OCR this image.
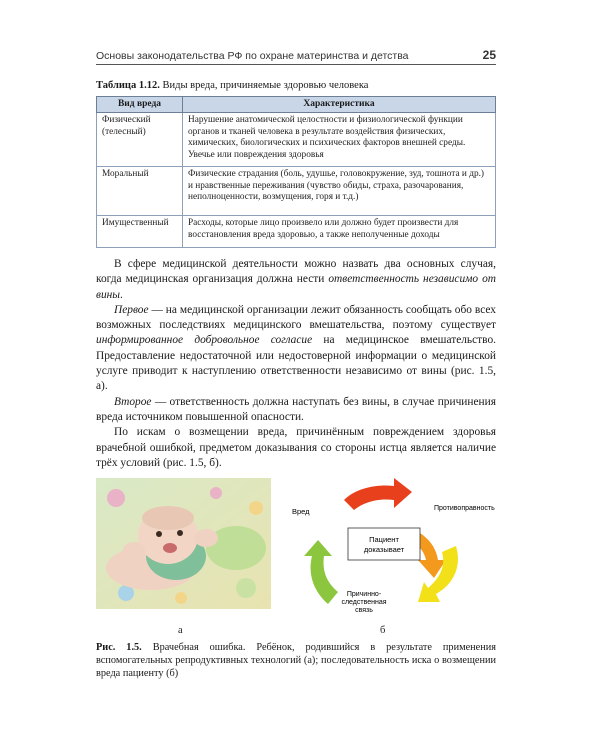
Основы законодательства РФ по охране материнства и детства	25
Таблица 1.12. Виды вреда, причиняемые здоровью человека
Вид вреда	Характеристика
Физический (телесный)	Нарушение анатомической целостности и физиологической функции органов и тканей человека в результате воздействия физических, химических, биологических и психических факторов внешней среды. Увечье или повреждения здоровья
Моральный	Физические страдания (боль, удушье, головокружение, зуд, тошнота и др.) и нравственные переживания (чувство обиды, страха, разочарования, неполноценности, возмущения, горя и т.д.)
Имущественный	Расходы, которые лицо произвело или должно будет произвести для восстановления вреда здоровью, а также неполученные доходы

В сфере медицинской деятельности можно назвать два основных случая, когда медицинская организация должна нести ответственность независимо от вины.

Первое — на медицинской организации лежит обязанность сообщать обо всех возможных последствиях медицинского вмешательства, поэтому существует информированное добровольное согласие на медицинское вмешательство. Предоставление недостаточной или недостоверной информации о медицинской услуге приводит к наступлению ответственности независимо от вины (рис. 1.5, а).

Второе — ответственность должна наступать без вины, в случае причинения вреда источником повышенной опасности.

По искам о возмещении вреда, причинённым повреждением здоровья врачебной ошибкой, предметом доказывания со стороны истца является наличие трёх условий (рис. 1.5, б).

Пациент
доказывает
Вред	Противоправность
Причинно-
следственная
связь
а	б
Рис. 1.5. Врачебная ошибка. Ребёнок, родившийся в результате применения вспомогательных репродуктивных технологий (а); последовательность иска о возмещении вреда пациенту (б)
